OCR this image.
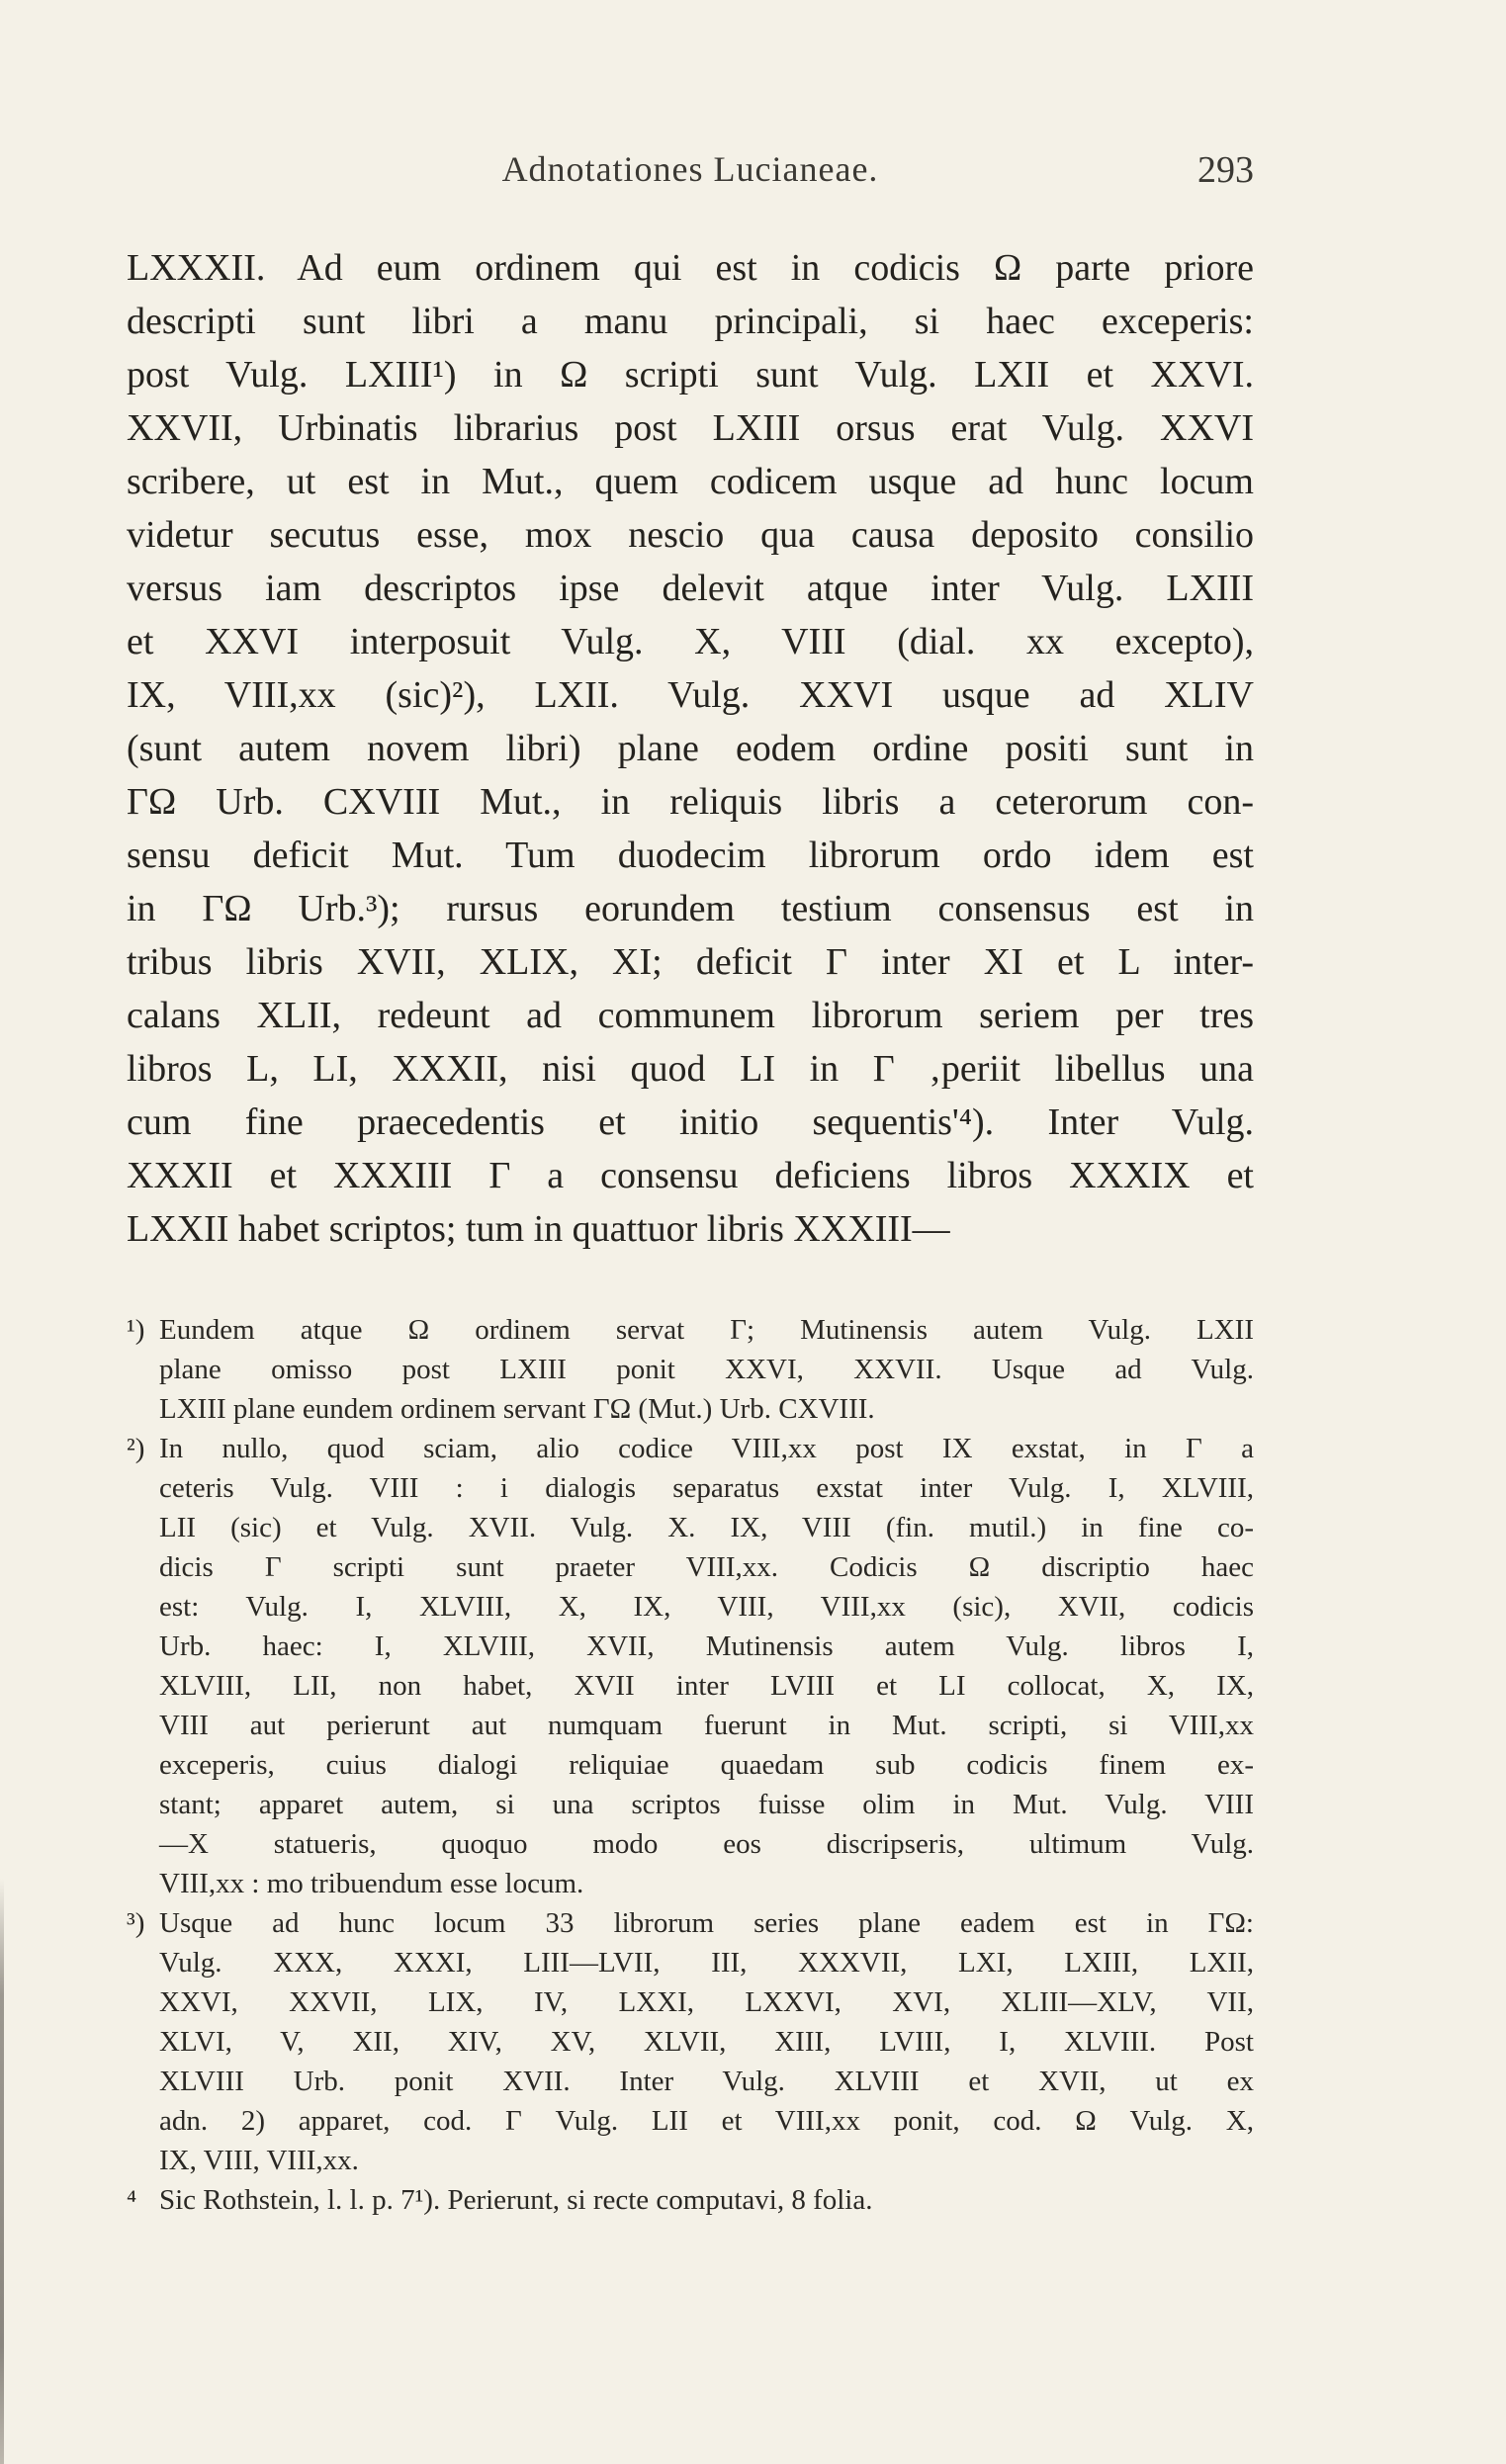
Adnotationes Lucianeae.	293
LXXXII. Ad eum ordinem qui est in codicis Ω parte priore
descripti sunt libri a manu principali, si haec exceperis:
post Vulg. LXIII¹) in Ω scripti sunt Vulg. LXII et XXVI.
XXVII, Urbinatis librarius post LXIII orsus erat Vulg. XXVI
scribere, ut est in Mut., quem codicem usque ad hunc locum
videtur secutus esse, mox nescio qua causa deposito consilio
versus iam descriptos ipse delevit atque inter Vulg. LXIII
et XXVI interposuit Vulg. X, VIII (dial. xx excepto),
IX, VIII,xx (sic)²), LXII. Vulg. XXVI usque ad XLIV
(sunt autem novem libri) plane eodem ordine positi sunt in
ΓΩ Urb. CXVIII Mut., in reliquis libris a ceterorum con-
sensu deficit Mut. Tum duodecim librorum ordo idem est
in ΓΩ Urb.³); rursus eorundem testium consensus est in
tribus libris XVII, XLIX, XI; deficit Γ inter XI et L inter-
calans XLII, redeunt ad communem librorum seriem per tres
libros L, LI, XXXII, nisi quod LI in Γ ‚periit libellus una
cum fine praecedentis et initio sequentis'⁴). Inter Vulg.
XXXII et XXXIII Γ a consensu deficiens libros XXXIX et
LXXII habet scriptos; tum in quattuor libris XXXIII—
¹) Eundem atque Ω ordinem servat Γ; Mutinensis autem Vulg. LXII
plane omisso post LXIII ponit XXVI, XXVII. Usque ad Vulg.
LXIII plane eundem ordinem servant ΓΩ (Mut.) Urb. CXVIII.
²) In nullo, quod sciam, alio codice VIII,xx post IX exstat, in Γ a
ceteris Vulg. VIII : i dialogis separatus exstat inter Vulg. I, XLVIII,
LII (sic) et Vulg. XVII. Vulg. X. IX, VIII (fin. mutil.) in fine co-
dicis Γ scripti sunt praeter VIII,xx. Codicis Ω discriptio haec
est: Vulg. I, XLVIII, X, IX, VIII, VIII,xx (sic), XVII, codicis
Urb. haec: I, XLVIII, XVII, Mutinensis autem Vulg. libros I,
XLVIII, LII, non habet, XVII inter LVIII et LI collocat, X, IX,
VIII aut perierunt aut numquam fuerunt in Mut. scripti, si VIII,xx
exceperis, cuius dialogi reliquiae quaedam sub codicis finem ex-
stant; apparet autem, si una scriptos fuisse olim in Mut. Vulg. VIII
—X statueris, quoquo modo eos discripseris, ultimum Vulg.
VIII,xx : mo tribuendum esse locum.
³) Usque ad hunc locum 33 librorum series plane eadem est in ΓΩ:
Vulg. XXX, XXXI, LIII—LVII, III, XXXVII, LXI, LXIII, LXII,
XXVI, XXVII, LIX, IV, LXXI, LXXVI, XVI, XLIII—XLV, VII,
XLVI, V, XII, XIV, XV, XLVII, XIII, LVIII, I, XLVIII. Post
XLVIII Urb. ponit XVII. Inter Vulg. XLVIII et XVII, ut ex
adn. 2) apparet, cod. Γ Vulg. LII et VIII,xx ponit, cod. Ω Vulg. X,
IX, VIII, VIII,xx.
⁴ Sic Rothstein, l. l. p. 7¹). Perierunt, si recte computavi, 8 folia.
